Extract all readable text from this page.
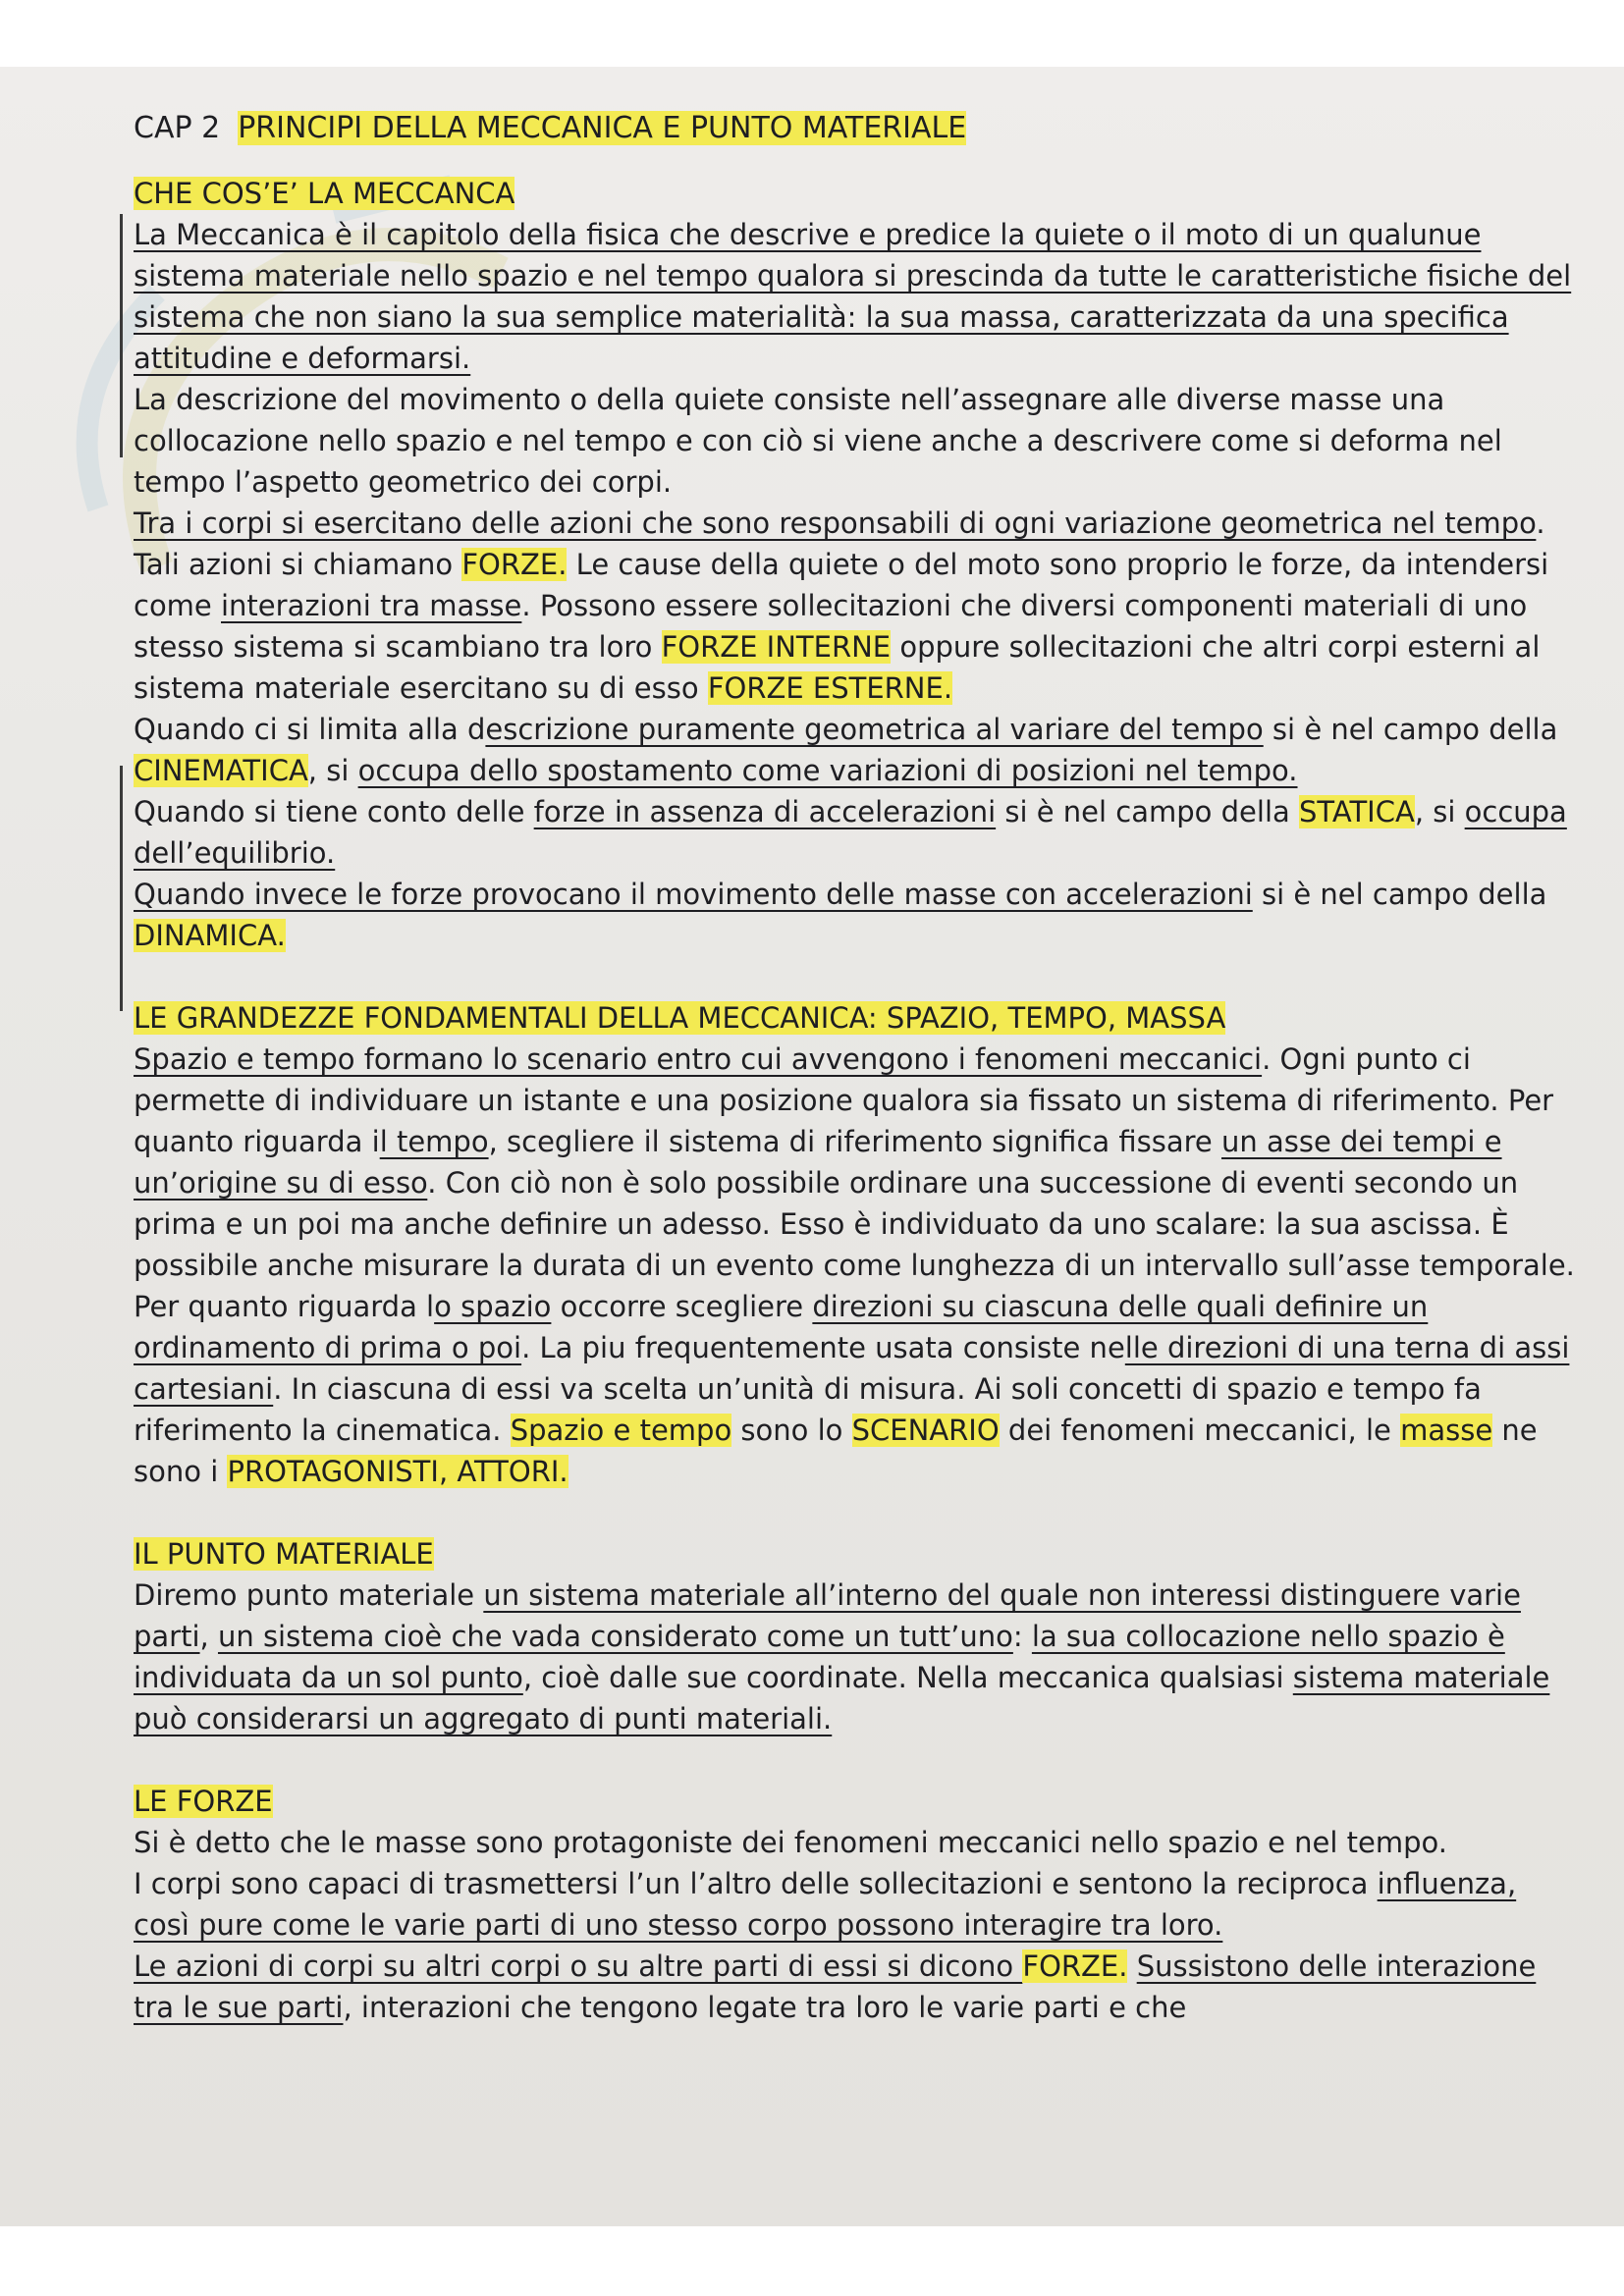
CAP 2 PRINCIPI DELLA MECCANICA E PUNTO MATERIALE
CHE COS’E’ LA MECCANCA

La Meccanica è il capitolo della fisica che descrive e predice la quiete o il moto di un qualunue sistema materiale nello spazio e nel tempo qualora si prescinda da tutte le caratteristiche fisiche del sistema che non siano la sua semplice materialità: la sua massa, caratterizzata da una specifica attitudine e deformarsi.

La descrizione del movimento o della quiete consiste nell’assegnare alle diverse masse una collocazione nello spazio e nel tempo e con ciò si viene anche a descrivere come si deforma nel tempo l’aspetto geometrico dei corpi.

Tra i corpi si esercitano delle azioni che sono responsabili di ogni variazione geometrica nel tempo. Tali azioni si chiamano FORZE. Le cause della quiete o del moto sono proprio le forze, da intendersi come interazioni tra masse. Possono essere sollecitazioni che diversi componenti materiali di uno stesso sistema si scambiano tra loro FORZE INTERNE oppure sollecitazioni che altri corpi esterni al sistema materiale esercitano su di esso FORZE ESTERNE.

Quando ci si limita alla descrizione puramente geometrica al variare del tempo si è nel campo della CINEMATICA, si occupa dello spostamento come variazioni di posizioni nel tempo.

Quando si tiene conto delle forze in assenza di accelerazioni si è nel campo della STATICA, si occupa dell’equilibrio.

Quando invece le forze provocano il movimento delle masse con accelerazioni si è nel campo della DINAMICA.

LE GRANDEZZE FONDAMENTALI DELLA MECCANICA: SPAZIO, TEMPO, MASSA

Spazio e tempo formano lo scenario entro cui avvengono i fenomeni meccanici. Ogni punto ci permette di individuare un istante e una posizione qualora sia fissato un sistema di riferimento. Per quanto riguarda il tempo, scegliere il sistema di riferimento significa fissare un asse dei tempi e un’origine su di esso. Con ciò non è solo possibile ordinare una successione di eventi secondo un prima e un poi ma anche definire un adesso. Esso è individuato da uno scalare: la sua ascissa. È possibile anche misurare la durata di un evento come lunghezza di un intervallo sull’asse temporale. Per quanto riguarda lo spazio occorre scegliere direzioni su ciascuna delle quali definire un ordinamento di prima o poi. La piu frequentemente usata consiste nelle direzioni di una terna di assi cartesiani. In ciascuna di essi va scelta un’unità di misura. Ai soli concetti di spazio e tempo fa riferimento la cinematica. Spazio e tempo sono lo SCENARIO dei fenomeni meccanici, le masse ne sono i PROTAGONISTI, ATTORI.

IL PUNTO MATERIALE

Diremo punto materiale un sistema materiale all’interno del quale non interessi distinguere varie parti, un sistema cioè che vada considerato come un tutt’uno: la sua collocazione nello spazio è individuata da un sol punto, cioè dalle sue coordinate. Nella meccanica qualsiasi sistema materiale può considerarsi un aggregato di punti materiali.

LE FORZE

Si è detto che le masse sono protagoniste dei fenomeni meccanici nello spazio e nel tempo.

I corpi sono capaci di trasmettersi l’un l’altro delle sollecitazioni e sentono la reciproca influenza, così pure come le varie parti di uno stesso corpo possono interagire tra loro.

Le azioni di corpi su altri corpi o su altre parti di essi si dicono FORZE. Sussistono delle interazione tra le sue parti, interazioni che tengono legate tra loro le varie parti e che
